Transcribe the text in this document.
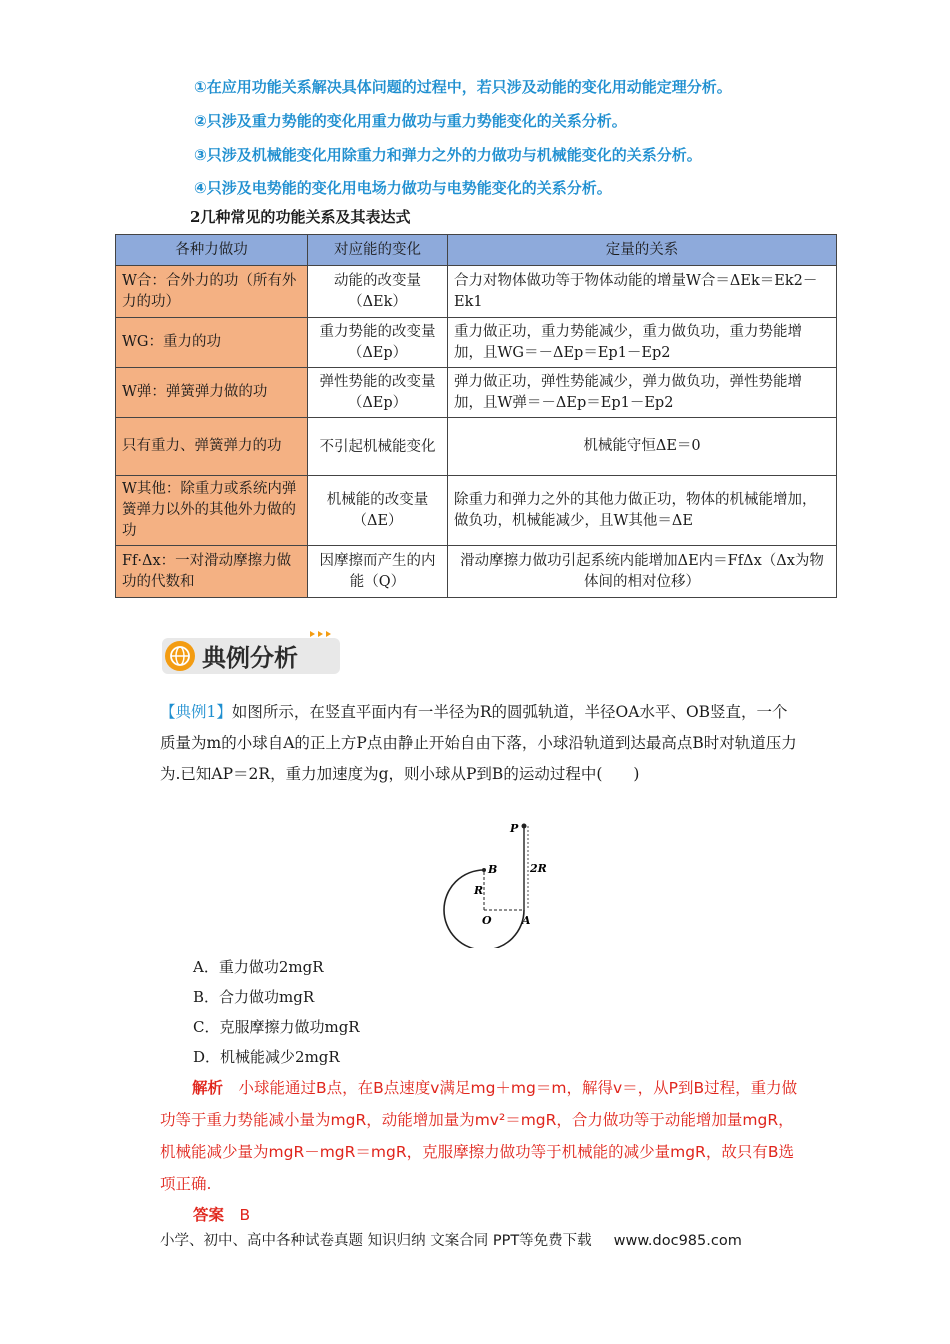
①在应用功能关系解决具体问题的过程中，若只涉及动能的变化用动能定理分析。
②只涉及重力势能的变化用重力做功与重力势能变化的关系分析。
③只涉及机械能变化用除重力和弹力之外的力做功与机械能变化的关系分析。
④只涉及电势能的变化用电场力做功与电势能变化的关系分析。
2几种常见的功能关系及其表达式
各种力做功	对应能的变化	定量的关系
W合：合外力的功（所有外力的功）	动能的改变量（ΔEk）	合力对物体做功等于物体动能的增量W合＝ΔEk＝Ek2－Ek1
WG：重力的功	重力势能的改变量（ΔEp）	重力做正功，重力势能减少，重力做负功，重力势能增加，且WG＝－ΔEp＝Ep1－Ep2
W弹：弹簧弹力做的功	弹性势能的改变量（ΔEp）	弹力做正功，弹性势能减少，弹力做负功，弹性势能增加，且W弹＝－ΔEp＝Ep1－Ep2
只有重力、弹簧弹力的功	不引起机械能变化	机械能守恒ΔE＝0
W其他：除重力或系统内弹簧弹力以外的其他外力做的功	机械能的改变量（ΔE）	除重力和弹力之外的其他力做正功，物体的机械能增加，做负功，机械能减少，且W其他＝ΔE
Ff·Δx：一对滑动摩擦力做功的代数和	因摩擦而产生的内能（Q）	滑动摩擦力做功引起系统内能增加ΔE内＝FfΔx（Δx为物体间的相对位移）
典例分析
【典例1】如图所示，在竖直平面内有一半径为R的圆弧轨道，半径OA水平、OB竖直，一个质量为m的小球自A的正上方P点由静止开始自由下落，小球沿轨道到达最高点B时对轨道压力为.已知AP＝2R，重力加速度为g，则小球从P到B的运动过程中(　　)
P
B
R
O	A
2R
A．重力做功2mgR
B．合力做功mgR
C．克服摩擦力做功mgR
D．机械能减少2mgR
解析　 小球能通过B点，在B点速度v满足mg＋mg＝m，解得v＝，从P到B过程，重力做功等于重力势能减小量为mgR，动能增加量为mv²＝mgR，合力做功等于动能增加量mgR，机械能减少量为mgR－mgR＝mgR，克服摩擦力做功等于机械能的减少量mgR，故只有B选项正确.
答案　 B
小学、初中、高中各种试卷真题 知识归纳 文案合同 PPT等免费下载 www.doc985.com
